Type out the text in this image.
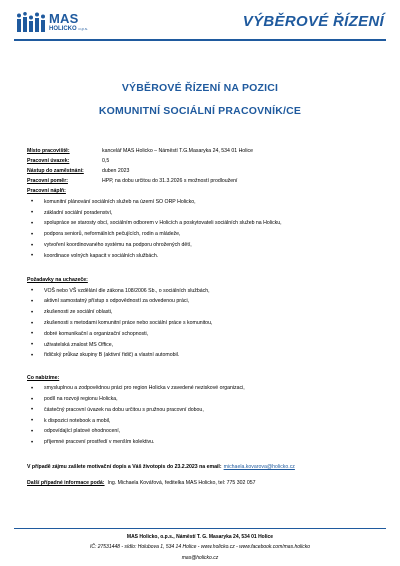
MAS
HOLICKO o.p.s.	VÝBĚROVÉ ŘÍZENÍ
VÝBĚROVÉ ŘÍZENÍ NA POZICI
KOMUNITNÍ SOCIÁLNÍ PRACOVNÍK/CE
Místo pracoviště:	kancelář MAS Holicko – Náměstí T.G.Masaryka 24, 534 01 Holice
Pracovní úvazek:	0,5
Nástup do zaměstnání:	duben 2023
Pracovní poměr:	HPP, na dobu určitou do 31.3.2026 s možností prodloužení
Pracovní náplň:
• komunitní plánování sociálních služeb na území SO ORP Holicko,
• základní sociální poradenství,
• spolupráce se starosty obcí, sociálním odborem v Holicích a poskytovateli sociálních služeb na Holicku,
• podpora seniorů, neformálních pečujících, rodin a mládeže,
• vytvoření koordinovaného systému na podporu ohrožených dětí,
• koordinace volných kapacit v sociálních službách.
Požadavky na uchazeče:
• VOŠ nebo VŠ vzdělání dle zákona 108/2006 Sb., o sociálních službách,
• aktivní samostatný přístup s odpovědností za odvedenou práci,
• zkušenosti ze sociální oblasti,
• zkušenosti s metodami komunitní práce nebo sociální práce s komunitou,
• dobré komunikační a organizační schopnosti,
• uživatelská znalost MS Office,
• řidičský průkaz skupiny B (aktivní řidič) a vlastní automobil.
Co nabízíme:
• smysluplnou a zodpovědnou práci pro region Holicka v zavedené neziskové organizaci,
• podíl na rozvoji regionu Holicka,
• částečný pracovní úvazek na dobu určitou s pružnou pracovní dobou,
• k dispozici notebook a mobil,
• odpovídající platové ohodnocení,
• příjemné pracovní prostředí v menším kolektivu.
V případě zájmu zašlete motivační dopis a Váš životopis do 23.2.2023 na email: michaela.kovarova@holicko.cz
Další případné informace podá: Ing. Michaela Kovářová, ředitelka MAS Holicko, tel: 775 302 057
MAS Holicko, o.p.s., Náměstí T. G. Masaryka 24, 534 01 Holice
IČ: 27531448 - sídlo: Holubova 1, 534 14 Holice - www.holicko.cz - www.facebook.com/mas.holicko
mas@holicko.cz
